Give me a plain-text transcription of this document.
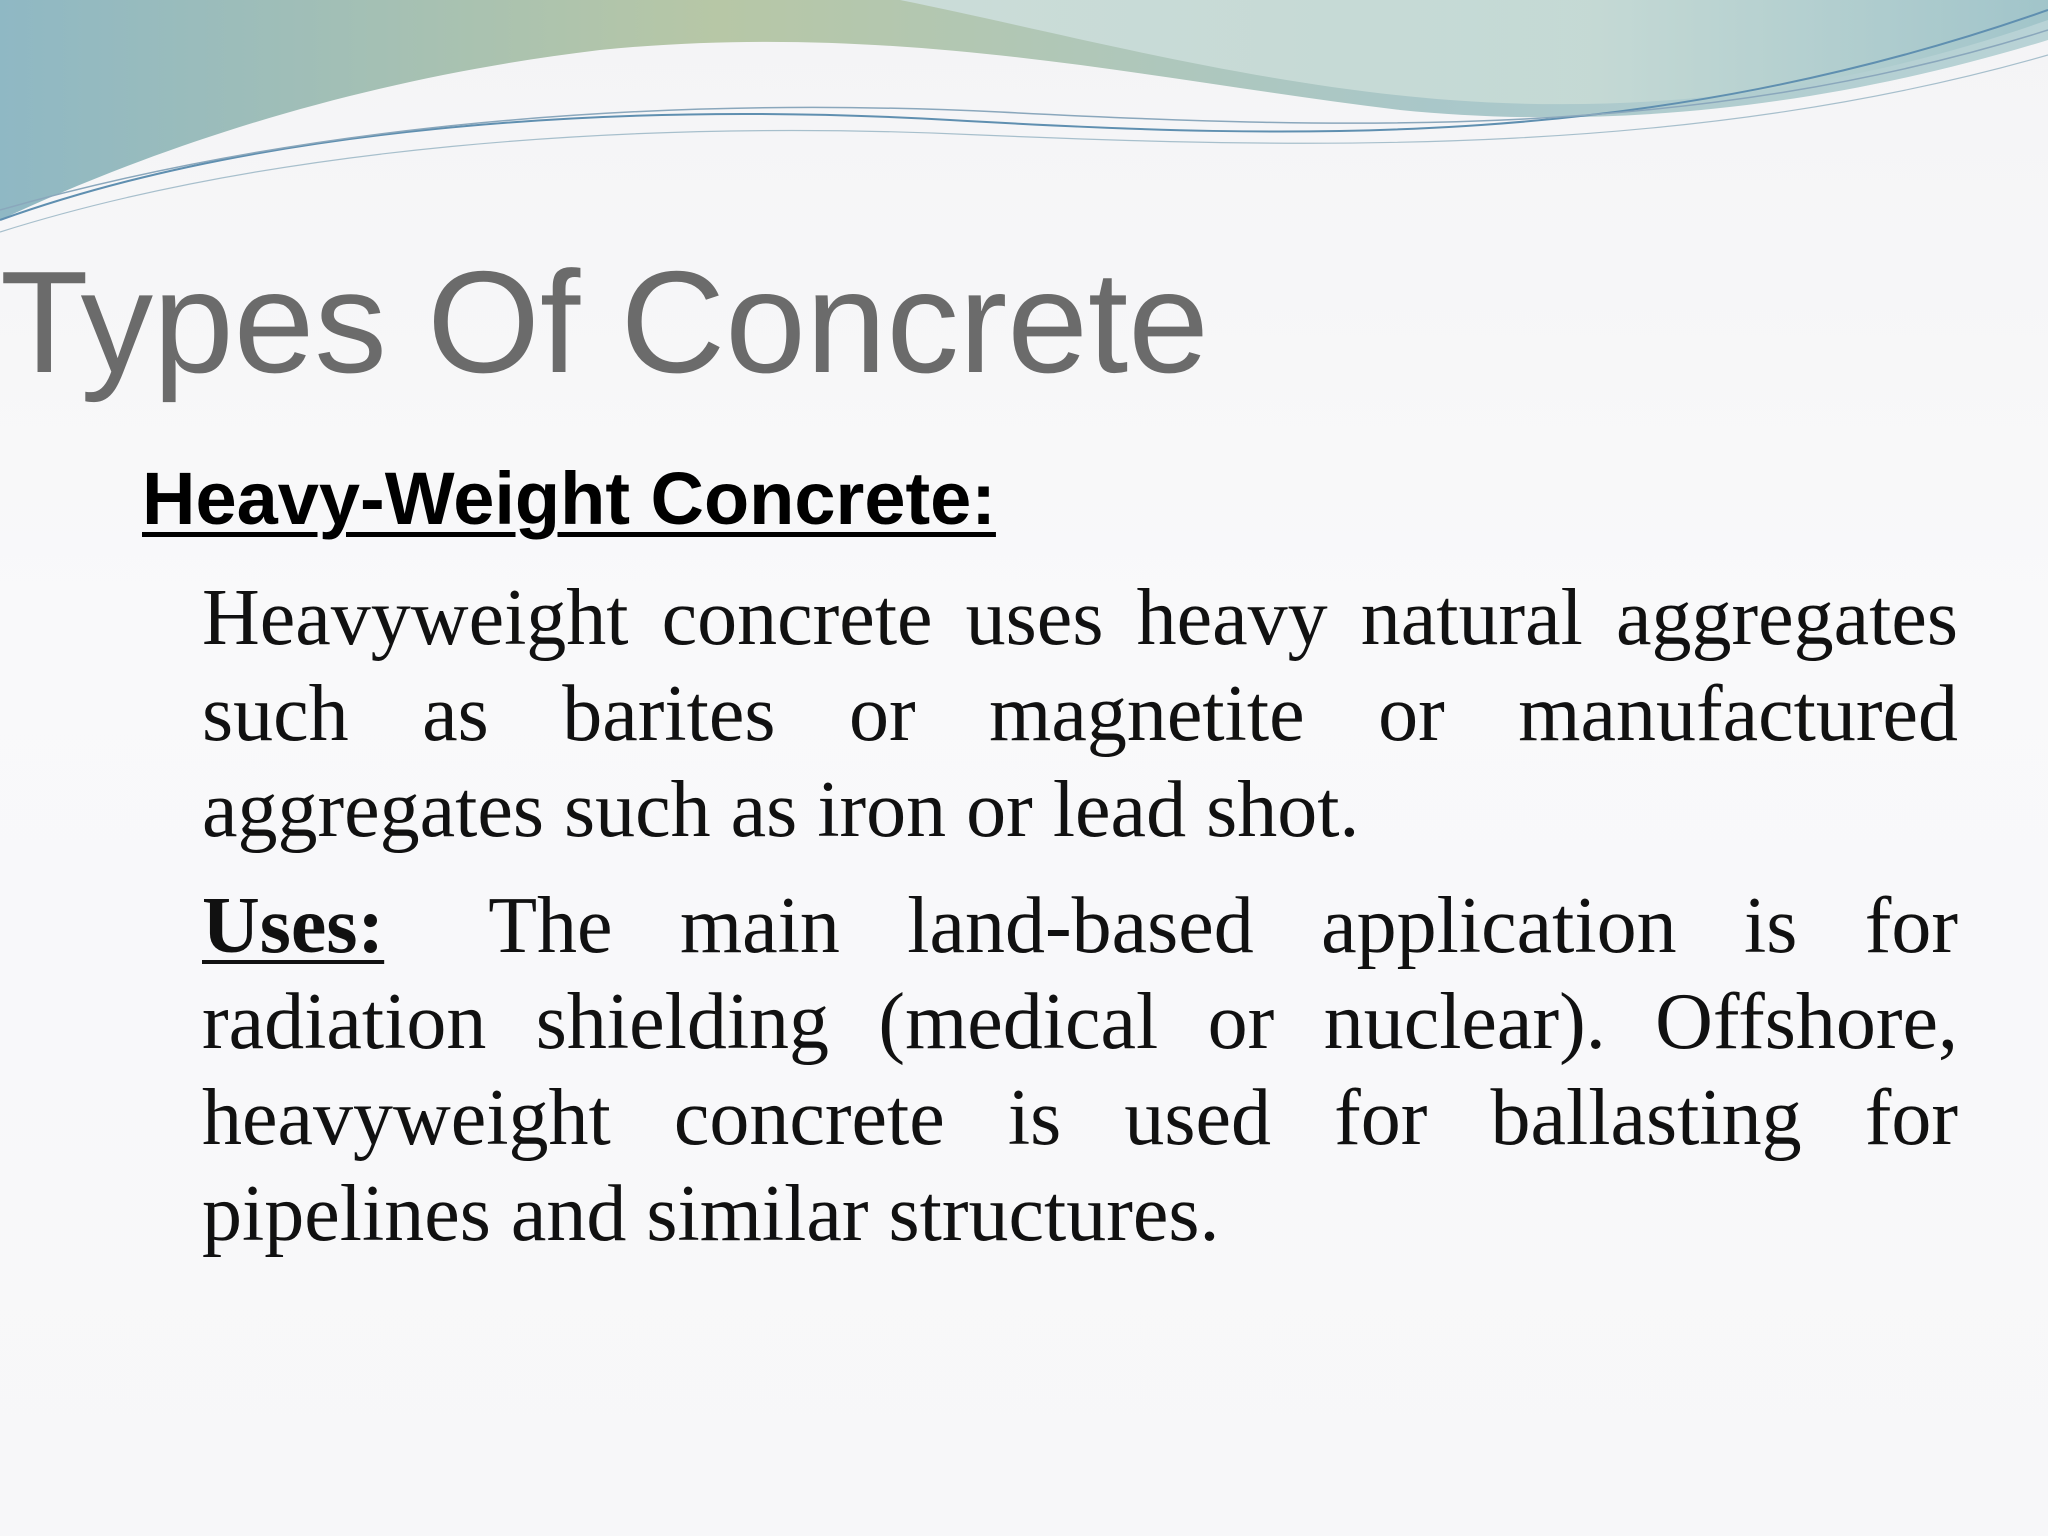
Types Of Concrete
Heavy-Weight Concrete:
Heavyweight concrete uses heavy natural aggregates such as barites or magnetite or manufactured aggregates such as iron or lead shot.
Uses: The main land-based application is for radiation shielding (medical or nuclear). Offshore, heavyweight concrete is used for ballasting for pipelines and similar structures.
